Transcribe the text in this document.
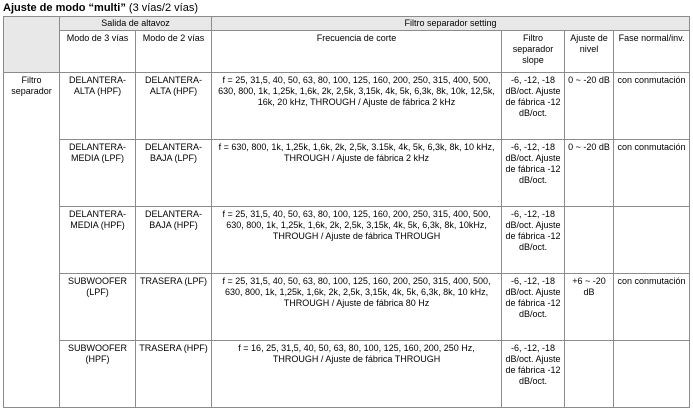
Ajuste de modo “multi” (3 vías/2 vías)
	Salida de altavoz		Filtro separador setting			
	Modo de 3 vías	Modo de 2 vías	Frecuencia de corte	Filtro separador slope	Ajuste de nivel	Fase normal/inv.
Filtro separador	DELANTERA-ALTA (HPF)	DELANTERA-ALTA (HPF)	f = 25, 31,5, 40, 50, 63, 80, 100, 125, 160, 200, 250, 315, 400, 500, 630, 800, 1k, 1,25k, 1,6k, 2k, 2,5k, 3,15k, 4k, 5k, 6,3k, 8k, 10k, 12,5k, 16k, 20 kHz, THROUGH / Ajuste de fábrica 2 kHz	-6, -12, -18 dB/oct. Ajuste de fábrica -12 dB/oct.	0 ~ -20 dB	con conmutación
	DELANTERA-MEDIA (LPF)	DELANTERA-BAJA (LPF)	f = 630, 800, 1k, 1,25k, 1,6k, 2k, 2,5k, 3.15k, 4k, 5k, 6,3k, 8k, 10 kHz, THROUGH / Ajuste de fábrica 2 kHz	-6, -12, -18 dB/oct. Ajuste de fábrica -12 dB/oct.	0 ~ -20 dB	con conmutación
	DELANTERA-MEDIA (HPF)	DELANTERA-BAJA (HPF)	f = 25, 31,5, 40, 50, 63, 80, 100, 125, 160, 200, 250, 315, 400, 500, 630, 800, 1k, 1,25k, 1,6k, 2k, 2,5k, 3,15k, 4k, 5k, 6,3k, 8k, 10kHz, THROUGH / Ajuste de fábrica THROUGH	-6, -12, -18 dB/oct. Ajuste de fábrica -12 dB/oct.		
	SUBWOOFER (LPF)	TRASERA (LPF)	f = 25, 31,5, 40, 50, 63, 80, 100, 125, 160, 200, 250, 315, 400, 500, 630, 800, 1k, 1,25k, 1,6k, 2k, 2,5k, 3,15k, 4k, 5k, 6,3k, 8k, 10 kHz, THROUGH / Ajuste de fábrica 80 Hz	-6, -12, -18 dB/oct. Ajuste de fábrica -12 dB/oct.	+6 ~ -20 dB	con conmutación
	SUBWOOFER (HPF)	TRASERA (HPF)	f = 16, 25, 31,5, 40, 50, 63, 80, 100, 125, 160, 200, 250 Hz, THROUGH / Ajuste de fábrica THROUGH	-6, -12, -18 dB/oct. Ajuste de fábrica -12 dB/oct.		
